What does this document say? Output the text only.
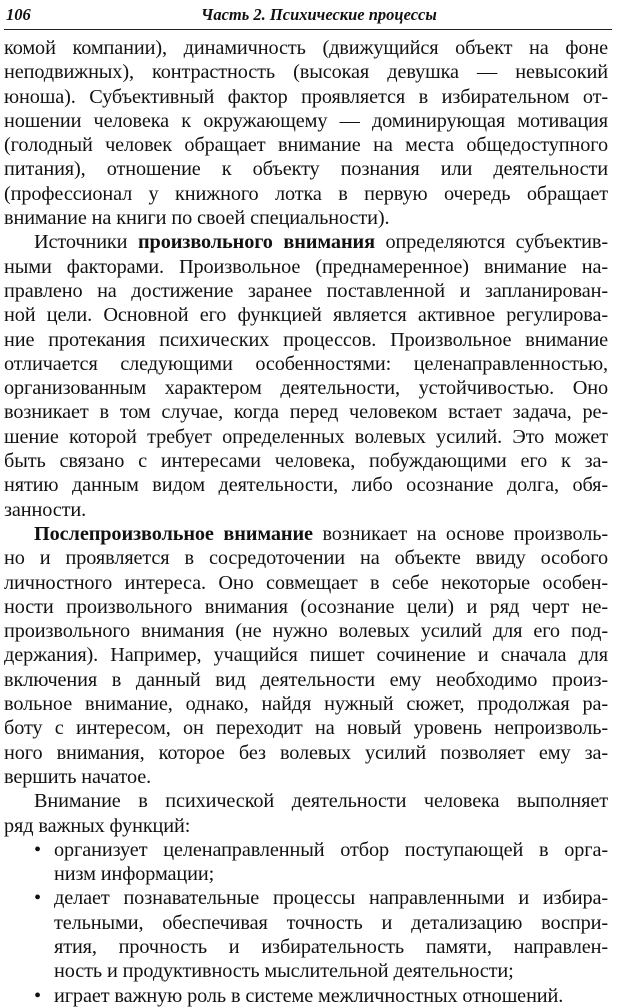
106	Часть 2. Психические процессы
комой компании), динамичность (движущийся объект на фоне
неподвижных), контрастность (высокая девушка — невысокий
юноша). Субъективный фактор проявляется в избирательном от-
ношении человека к окружающему — доминирующая мотивация
(голодный человек обращает внимание на места общедоступного
питания), отношение к объекту познания или деятельности
(профессионал у книжного лотка в первую очередь обращает
внимание на книги по своей специальности).
Источники произвольного внимания определяются субъектив-
ными факторами. Произвольное (преднамеренное) внимание на-
правлено на достижение заранее поставленной и запланирован-
ной цели. Основной его функцией является активное регулирова-
ние протекания психических процессов. Произвольное внимание
отличается следующими особенностями: целенаправленностью,
организованным характером деятельности, устойчивостью. Оно
возникает в том случае, когда перед человеком встает задача, ре-
шение которой требует определенных волевых усилий. Это может
быть связано с интересами человека, побуждающими его к за-
нятию данным видом деятельности, либо осознание долга, обя-
занности.
Послепроизвольное внимание возникает на основе произволь-
но и проявляется в сосредоточении на объекте ввиду особого
личностного интереса. Оно совмещает в себе некоторые особен-
ности произвольного внимания (осознание цели) и ряд черт не-
произвольного внимания (не нужно волевых усилий для его под-
держания). Например, учащийся пишет сочинение и сначала для
включения в данный вид деятельности ему необходимо произ-
вольное внимание, однако, найдя нужный сюжет, продолжая ра-
боту с интересом, он переходит на новый уровень непроизволь-
ного внимания, которое без волевых усилий позволяет ему за-
вершить начатое.
Внимание в психической деятельности человека выполняет
ряд важных функций:
• организует целенаправленный отбор поступающей в орга-
низм информации;
• делает познавательные процессы направленными и избира-
тельными, обеспечивая точность и детализацию воспри-
ятия, прочность и избирательность памяти, направлен-
ность и продуктивность мыслительной деятельности;
• играет важную роль в системе межличностных отношений.
